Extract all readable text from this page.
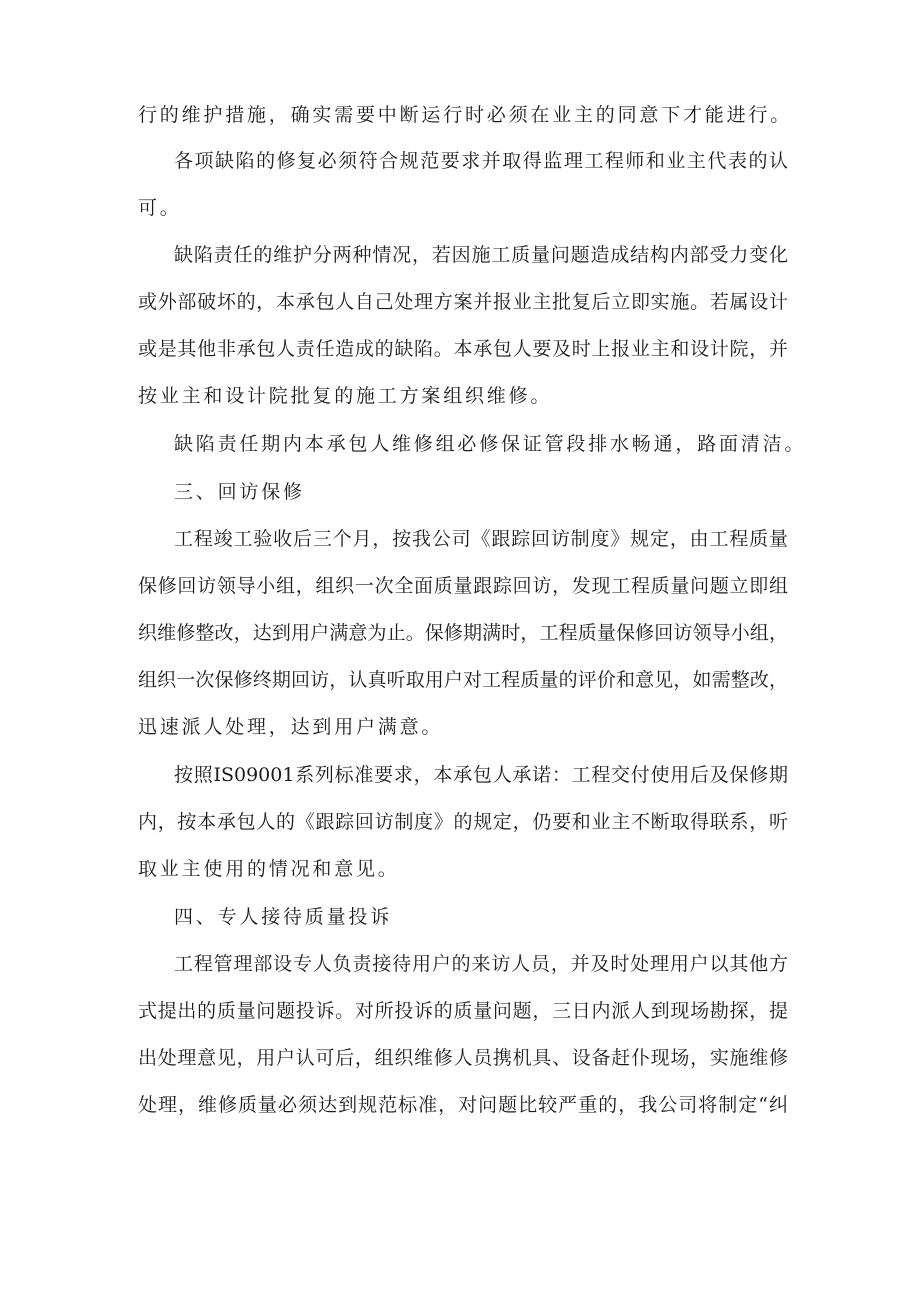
行的维护措施，确实需要中断运行时必须在业主的同意下才能进行。
各项缺陷的修复必须符合规范要求并取得监理工程师和业主代表的认
可。
缺陷责任的维护分两种情况，若因施工质量问题造成结构内部受力变化
或外部破坏的，本承包人自己处理方案并报业主批复后立即实施。若属设计
或是其他非承包人责任造成的缺陷。本承包人要及时上报业主和设计院，并
按业主和设计院批复的施工方案组织维修。
缺陷责任期内本承包人维修组必修保证管段排水畅通，路面清洁。
三、回访保修
工程竣工验收后三个月，按我公司《跟踪回访制度》规定，由工程质量
保修回访领导小组，组织一次全面质量跟踪回访，发现工程质量问题立即组
织维修整改，达到用户满意为止。保修期满时，工程质量保修回访领导小组，
组织一次保修终期回访，认真听取用户对工程质量的评价和意见，如需整改，
迅速派人处理，达到用户满意。
按照IS09001系列标准要求，本承包人承诺：工程交付使用后及保修期
内，按本承包人的《跟踪回访制度》的规定，仍要和业主不断取得联系，听
取业主使用的情况和意见。
四、专人接待质量投诉
工程管理部设专人负责接待用户的来访人员，并及时处理用户以其他方
式提出的质量问题投诉。对所投诉的质量问题，三日内派人到现场勘探，提
出处理意见，用户认可后，组织维修人员携机具、设备赶仆现场，实施维修
处理，维修质量必须达到规范标准，对问题比较严重的，我公司将制定“纠
